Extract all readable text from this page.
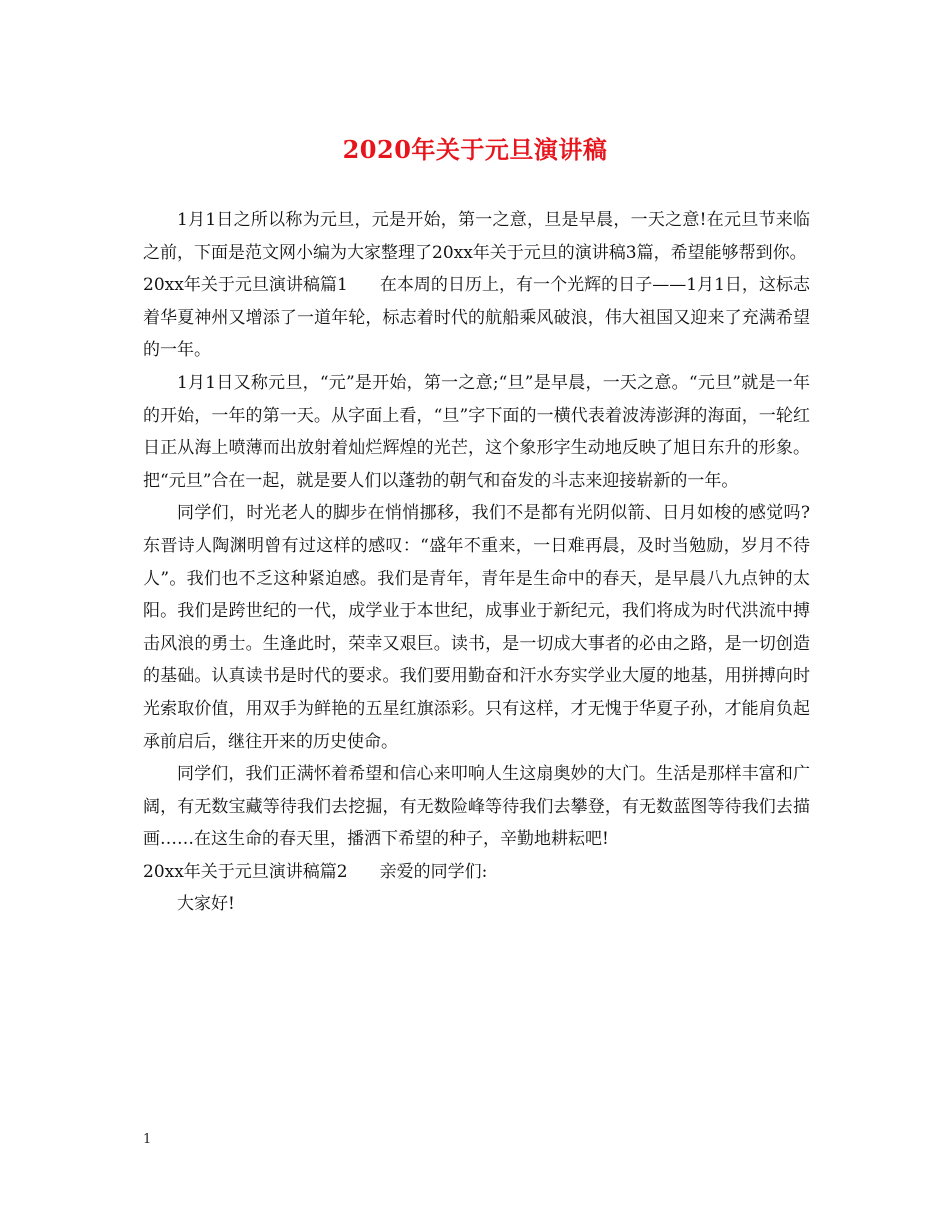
2020年关于元旦演讲稿

1月1日之所以称为元旦，元是开始，第一之意，旦是早晨，一天之意!在元旦节来临之前，下面是范文网小编为大家整理了20xx年关于元旦的演讲稿3篇，希望能够帮到你。

20xx年关于元旦演讲稿篇1 在本周的日历上，有一个光辉的日子——1月1日，这标志着华夏神州又增添了一道年轮，标志着时代的航船乘风破浪，伟大祖国又迎来了充满希望的一年。

1月1日又称元旦，“元”是开始，第一之意;“旦”是早晨，一天之意。“元旦”就是一年的开始，一年的第一天。从字面上看，“旦”字下面的一横代表着波涛澎湃的海面，一轮红日正从海上喷薄而出放射着灿烂辉煌的光芒，这个象形字生动地反映了旭日东升的形象。把“元旦”合在一起，就是要人们以蓬勃的朝气和奋发的斗志来迎接崭新的一年。

同学们，时光老人的脚步在悄悄挪移，我们不是都有光阴似箭、日月如梭的感觉吗?东晋诗人陶渊明曾有过这样的感叹：“盛年不重来，一日难再晨，及时当勉励，岁月不待人”。我们也不乏这种紧迫感。我们是青年，青年是生命中的春天，是早晨八九点钟的太阳。我们是跨世纪的一代，成学业于本世纪，成事业于新纪元，我们将成为时代洪流中搏击风浪的勇士。生逢此时，荣幸又艰巨。读书，是一切成大事者的必由之路，是一切创造的基础。认真读书是时代的要求。我们要用勤奋和汗水夯实学业大厦的地基，用拼搏向时光索取价值，用双手为鲜艳的五星红旗添彩。只有这样，才无愧于华夏子孙，才能肩负起承前启后，继往开来的历史使命。

同学们，我们正满怀着希望和信心来叩响人生这扇奥妙的大门。生活是那样丰富和广阔，有无数宝藏等待我们去挖掘，有无数险峰等待我们去攀登，有无数蓝图等待我们去描画……在这生命的春天里，播洒下希望的种子，辛勤地耕耘吧!

20xx年关于元旦演讲稿篇2 亲爱的同学们:

大家好!

1
